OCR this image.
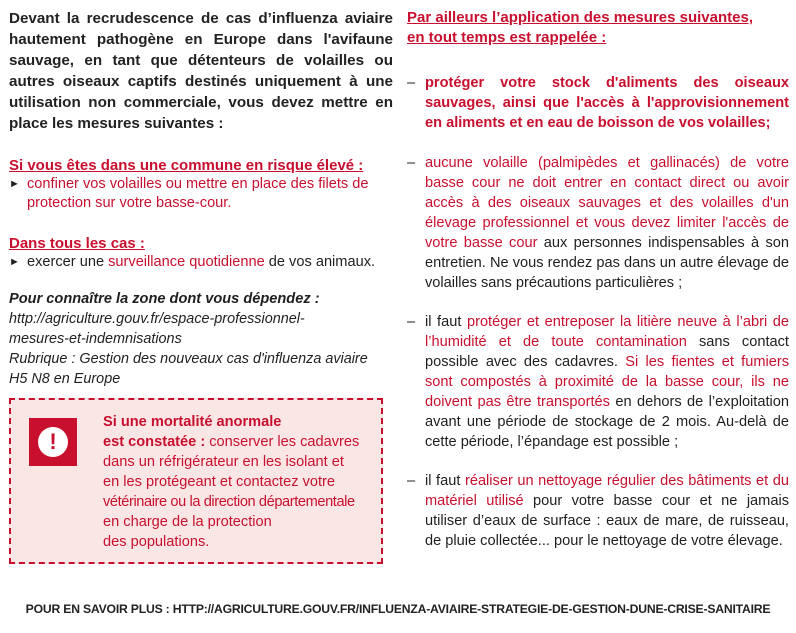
Devant la recrudescence de cas d’influenza aviaire hautement pathogène en Europe dans l'avifaune sauvage, en tant que détenteurs de volailles ou autres oiseaux captifs destinés uniquement à une utilisation non commerciale, vous devez mettre en place les mesures suivantes :

Si vous êtes dans une commune en risque élevé :

► confiner vos volailles ou mettre en place des filets de protection sur votre basse-cour.

Dans tous les cas :

► exercer une surveillance quotidienne de vos animaux.

Pour connaître la zone dont vous dépendez :

http://agriculture.gouv.fr/espace-professionnel-

mesures-et-indemnisations

Rubrique : Gestion des nouveaux cas d'influenza aviaire

H5 N8 en Europe

!
Si une mortalité anormale
est constatée : conserver les cadavres
dans un réfrigérateur en les isolant et
en les protégeant et contactez votre
vétérinaire ou la direction départementale
en charge de la protection
des populations.

Par ailleurs l’application des mesures suivantes,

en tout temps est rappelée :

– protéger votre stock d'aliments des oiseaux sauvages, ainsi que l'accès à l'approvisionnement en aliments et en eau de boisson de vos volailles;

– aucune volaille (palmipèdes et gallinacés) de votre basse cour ne doit entrer en contact direct ou avoir accès à des oiseaux sauvages et des volailles d'un élevage professionnel et vous devez limiter l'accès de votre basse cour aux personnes indispensables à son entretien. Ne vous rendez pas dans un autre élevage de volailles sans précautions particulières ;

– il faut protéger et entreposer la litière neuve à l’abri de l’humidité et de toute contamination sans contact possible avec des cadavres. Si les fientes et fumiers sont compostés à proximité de la basse cour, ils ne doivent pas être transportés en dehors de l’exploitation avant une période de stockage de 2 mois. Au-delà de cette période, l’épandage est possible ;

– il faut réaliser un nettoyage régulier des bâtiments et du matériel utilisé pour votre basse cour et ne jamais utiliser d’eaux de surface : eaux de mare, de ruisseau, de pluie collectée... pour le nettoyage de votre élevage.

POUR EN SAVOIR PLUS : HTTP://AGRICULTURE.GOUV.FR/INFLUENZA-AVIAIRE-STRATEGIE-DE-GESTION-DUNE-CRISE-SANITAIRE
